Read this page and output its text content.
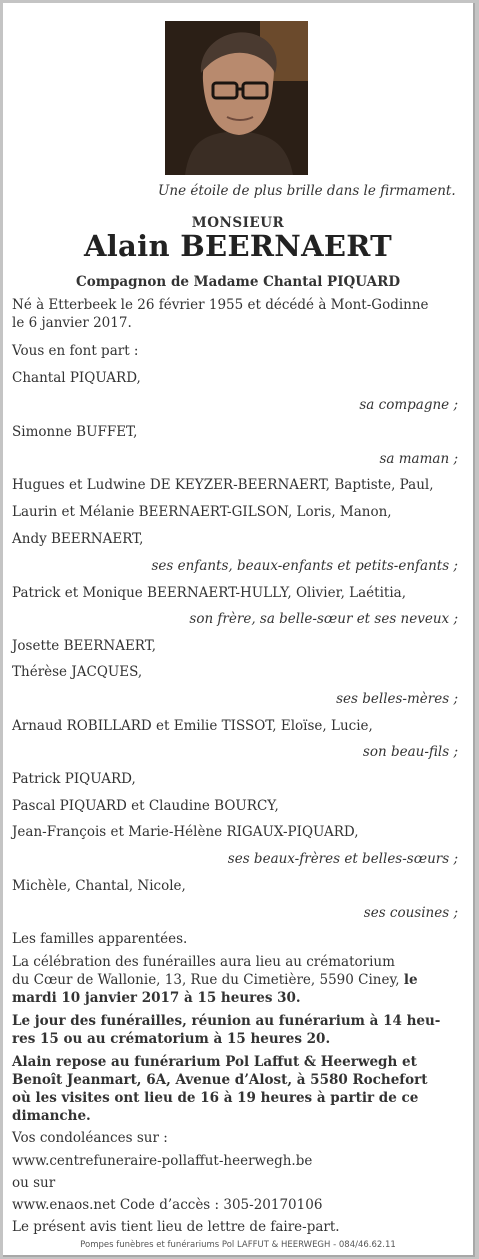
Une étoile de plus brille dans le firmament.
MONSIEUR
Alain BEERNAERT
Compagnon de Madame Chantal PIQUARD
Né à Etterbeek le 26 février 1955 et décédé à Mont-Godinne
le 6 janvier 2017.
Vous en font part :
Chantal PIQUARD,
sa compagne ;
Simonne BUFFET,
sa maman ;
Hugues et Ludwine DE KEYZER-BEERNAERT, Baptiste, Paul,
Laurin et Mélanie BEERNAERT-GILSON, Loris, Manon,
Andy BEERNAERT,
ses enfants, beaux-enfants et petits-enfants ;
Patrick et Monique BEERNAERT-HULLY, Olivier, Laétitia,
son frère, sa belle-sœur et ses neveux ;
Josette BEERNAERT,
Thérèse JACQUES,
ses belles-mères ;
Arnaud ROBILLARD et Emilie TISSOT, Eloïse, Lucie,
son beau-fils ;
Patrick PIQUARD,
Pascal PIQUARD et Claudine BOURCY,
Jean-François et Marie-Hélène RIGAUX-PIQUARD,
ses beaux-frères et belles-sœurs ;
Michèle, Chantal, Nicole,
ses cousines ;
Les familles apparentées.
La célébration des funérailles aura lieu au crématorium
du Cœur de Wallonie, 13, Rue du Cimetière, 5590 Ciney, le
mardi 10 janvier 2017 à 15 heures 30.
Le jour des funérailles, réunion au funérarium à 14 heu-
res 15 ou au crématorium à 15 heures 20.
Alain repose au funérarium Pol Laffut & Heerwegh et
Benoît Jeanmart, 6A, Avenue d’Alost, à 5580 Rochefort
où les visites ont lieu de 16 à 19 heures à partir de ce
dimanche.
Vos condoléances sur :
www.centrefuneraire-pollaffut-heerwegh.be
ou sur
www.enaos.net Code d’accès : 305-20170106
Le présent avis tient lieu de lettre de faire-part.
Pompes funèbres et funérariums Pol LAFFUT & HEERWEGH - 084/46.62.11
